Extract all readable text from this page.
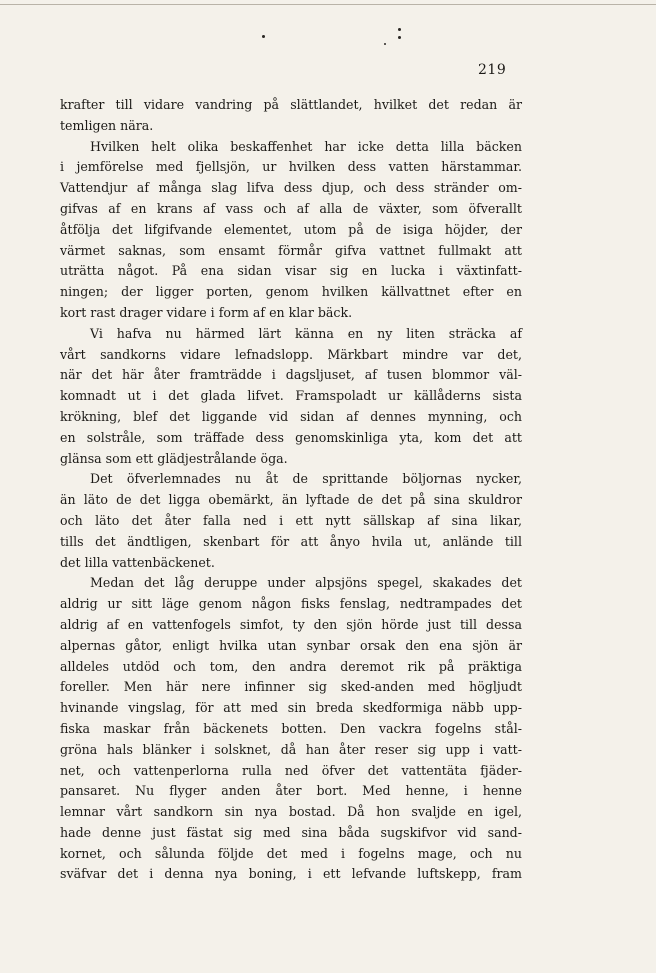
219
krafter till vidare vandring på slättlandet, hvilket det redan är
temligen nära.
Hvilken helt olika beskaffenhet har icke detta lilla bäcken
i jemförelse med fjellsjön, ur hvilken dess vatten härstammar.
Vattendjur af många slag lifva dess djup, och dess stränder om-
gifvas af en krans af vass och af alla de växter, som öfverallt
åtfölja det lifgifvande elementet, utom på de isiga höjder, der
värmet saknas, som ensamt förmår gifva vattnet fullmakt att
uträtta något. På ena sidan visar sig en lucka i växtinfatt-
ningen; der ligger porten, genom hvilken källvattnet efter en
kort rast drager vidare i form af en klar bäck.
Vi hafva nu härmed lärt känna en ny liten sträcka af
vårt sandkorns vidare lefnadslopp. Märkbart mindre var det,
när det här åter framträdde i dagsljuset, af tusen blommor väl-
komnadt ut i det glada lifvet. Framspoladt ur källåderns sista
krökning, blef det liggande vid sidan af dennes mynning, och
en solstråle, som träffade dess genomskinliga yta, kom det att
glänsa som ett glädjestrålande öga.
Det öfverlemnades nu åt de sprittande böljornas nycker,
än läto de det ligga obemärkt, än lyftade de det på sina skuldror
och läto det åter falla ned i ett nytt sällskap af sina likar,
tills det ändtligen, skenbart för att ånyo hvila ut, anlände till
det lilla vattenbäckenet.
Medan det låg deruppe under alpsjöns spegel, skakades det
aldrig ur sitt läge genom någon fisks fenslag, nedtrampades det
aldrig af en vattenfogels simfot, ty den sjön hörde just till dessa
alpernas gåtor, enligt hvilka utan synbar orsak den ena sjön är
alldeles utdöd och tom, den andra deremot rik på präktiga
foreller. Men här nere infinner sig sked-anden med högljudt
hvinande vingslag, för att med sin breda skedformiga näbb upp-
fiska maskar från bäckenets botten. Den vackra fogelns stål-
gröna hals blänker i solsknet, då han åter reser sig upp i vatt-
net, och vattenperlorna rulla ned öfver det vattentäta fjäder-
pansaret. Nu flyger anden åter bort. Med henne, i henne
lemnar vårt sandkorn sin nya bostad. Då hon svaljde en igel,
hade denne just fästat sig med sina båda sugskifvor vid sand-
kornet, och sålunda följde det med i fogelns mage, och nu
sväfvar det i denna nya boning, i ett lefvande luftskepp, fram
